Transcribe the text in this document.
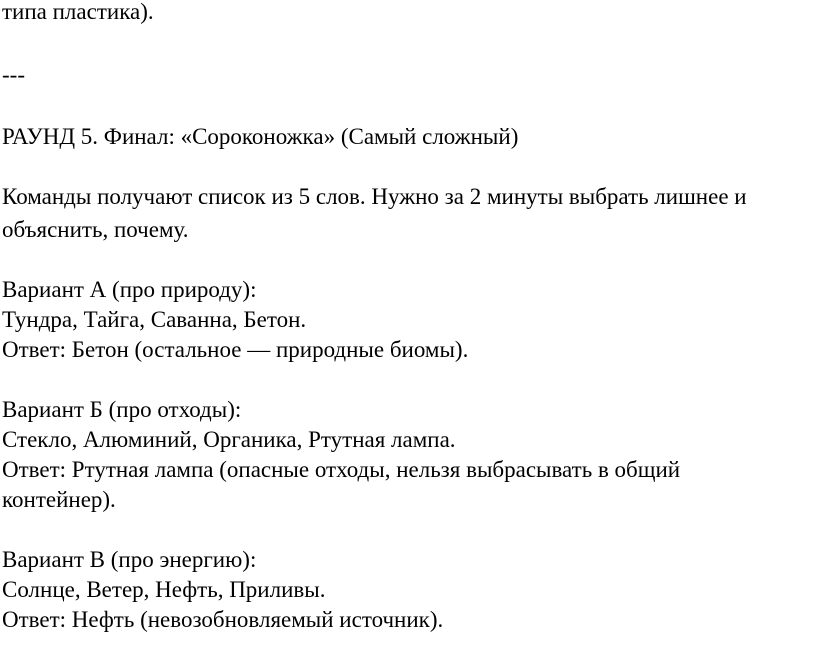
типа пластика).
---
РАУНД 5. Финал: «Сороконожка» (Самый сложный)
Команды получают список из 5 слов. Нужно за 2 минуты выбрать лишнее и
объяснить, почему.
Вариант А (про природу):
Тундра, Тайга, Саванна, Бетон.
Ответ: Бетон (остальное — природные биомы).
Вариант Б (про отходы):
Стекло, Алюминий, Органика, Ртутная лампа.
Ответ: Ртутная лампа (опасные отходы, нельзя выбрасывать в общий
контейнер).
Вариант В (про энергию):
Солнце, Ветер, Нефть, Приливы.
Ответ: Нефть (невозобновляемый источник).
